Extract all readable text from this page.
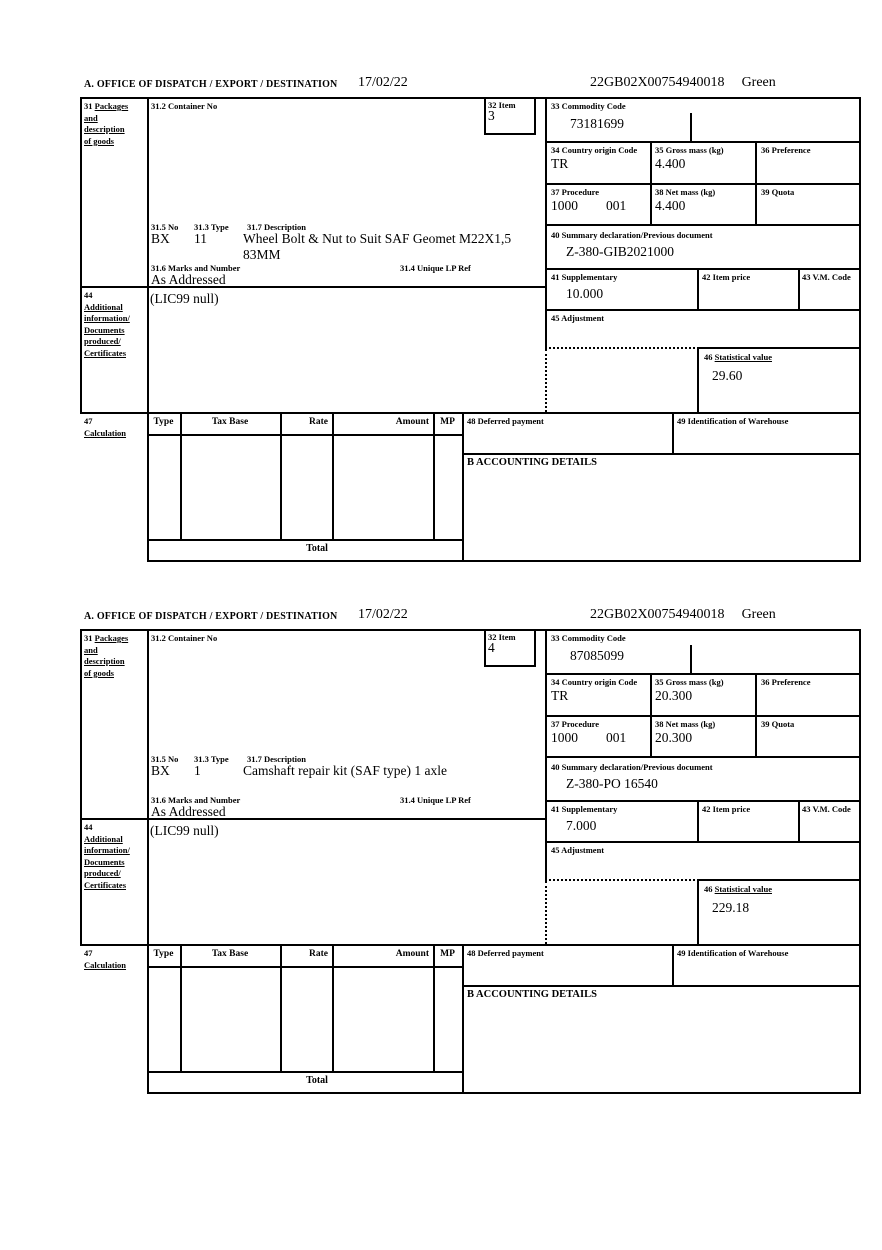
A. OFFICE OF DISPATCH / EXPORT / DESTINATION 17/02/22	22GB02X00754940018 Green
31 Packages
and
description
of goods
44
Additional
information/
Documents
produced/
Certificates
47
Calculation
31.2 Container No
31.5 No 31.3 Type 31.7 Description
BX 11	Wheel Bolt & Nut to Suit SAF Geomet M22X1,5
83MM
31.6 Marks and Number	31.4 Unique LP Ref
As Addressed
(LIC99 null)
32 Item
3
33 Commodity Code
73181699
34 Country origin Code
TR
35 Gross mass (kg)
4.400
36 Preference
37 Procedure
1000 001
38 Net mass (kg)
4.400
39 Quota
40 Summary declaration/Previous document
Z-380-GIB2021000
41 Supplementary
10.000
42 Item price	43 V.M. Code
45 Adjustment
46 Statistical value
29.60
Type	Tax Base	Rate	Amount	MP
Total
48 Deferred payment	49 Identification of Warehouse
B ACCOUNTING DETAILS
A. OFFICE OF DISPATCH / EXPORT / DESTINATION 17/02/22	22GB02X00754940018 Green
31 Packages
and
description
of goods
44
Additional
information/
Documents
produced/
Certificates
47
Calculation
31.2 Container No
31.5 No 31.3 Type 31.7 Description
BX 1	Camshaft repair kit (SAF type) 1 axle
31.6 Marks and Number	31.4 Unique LP Ref
As Addressed
(LIC99 null)
32 Item
4
33 Commodity Code
87085099
34 Country origin Code
TR
35 Gross mass (kg)
20.300
36 Preference
37 Procedure
1000 001
38 Net mass (kg)
20.300
39 Quota
40 Summary declaration/Previous document
Z-380-PO 16540
41 Supplementary
7.000
42 Item price	43 V.M. Code
45 Adjustment
46 Statistical value
229.18
Type	Tax Base	Rate	Amount	MP
Total
48 Deferred payment	49 Identification of Warehouse
B ACCOUNTING DETAILS
